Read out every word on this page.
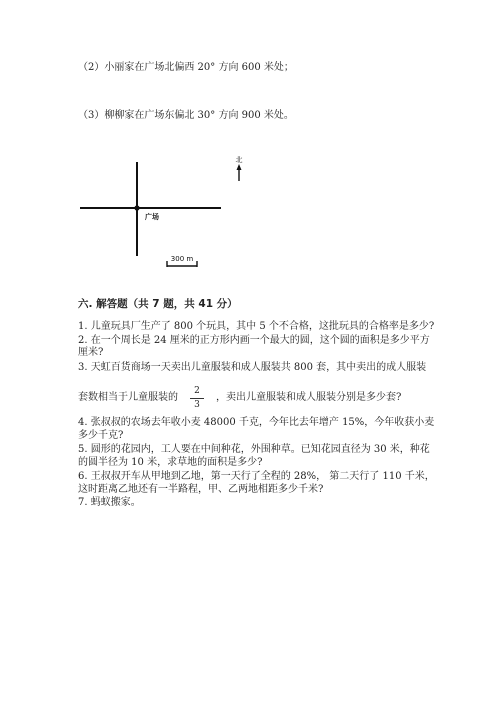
（2）小丽家在广场北偏西 20° 方向 600 米处；
（3）柳柳家在广场东偏北 30° 方向 900 米处。
北
广场
300 m
六. 解答题（共 7 题，共 41 分）
1. 儿童玩具厂生产了 800 个玩具，其中 5 个不合格，这批玩具的合格率是多少?
2. 在一个周长是 24 厘米的正方形内画一个最大的圆，这个圆的面积是多少平方
厘米?
3. 天虹百货商场一天卖出儿童服装和成人服装共 800 套，其中卖出的成人服装
套数相当于儿童服装的 $\frac{2}{3}$ ，卖出儿童服装和成人服装分别是多少套?
4. 张叔叔的农场去年收小麦 48000 千克，今年比去年增产 15%，今年收获小麦
多少千克?
5. 圆形的花园内，工人要在中间种花，外围种草。已知花园直径为 30 米，种花
的圆半径为 10 米，求草地的面积是多少?
6. 王叔叔开车从甲地到乙地，第一天行了全程的 28%， 第二天行了 110 千米，
这时距离乙地还有一半路程，甲、乙两地相距多少千米?
7. 蚂蚁搬家。
